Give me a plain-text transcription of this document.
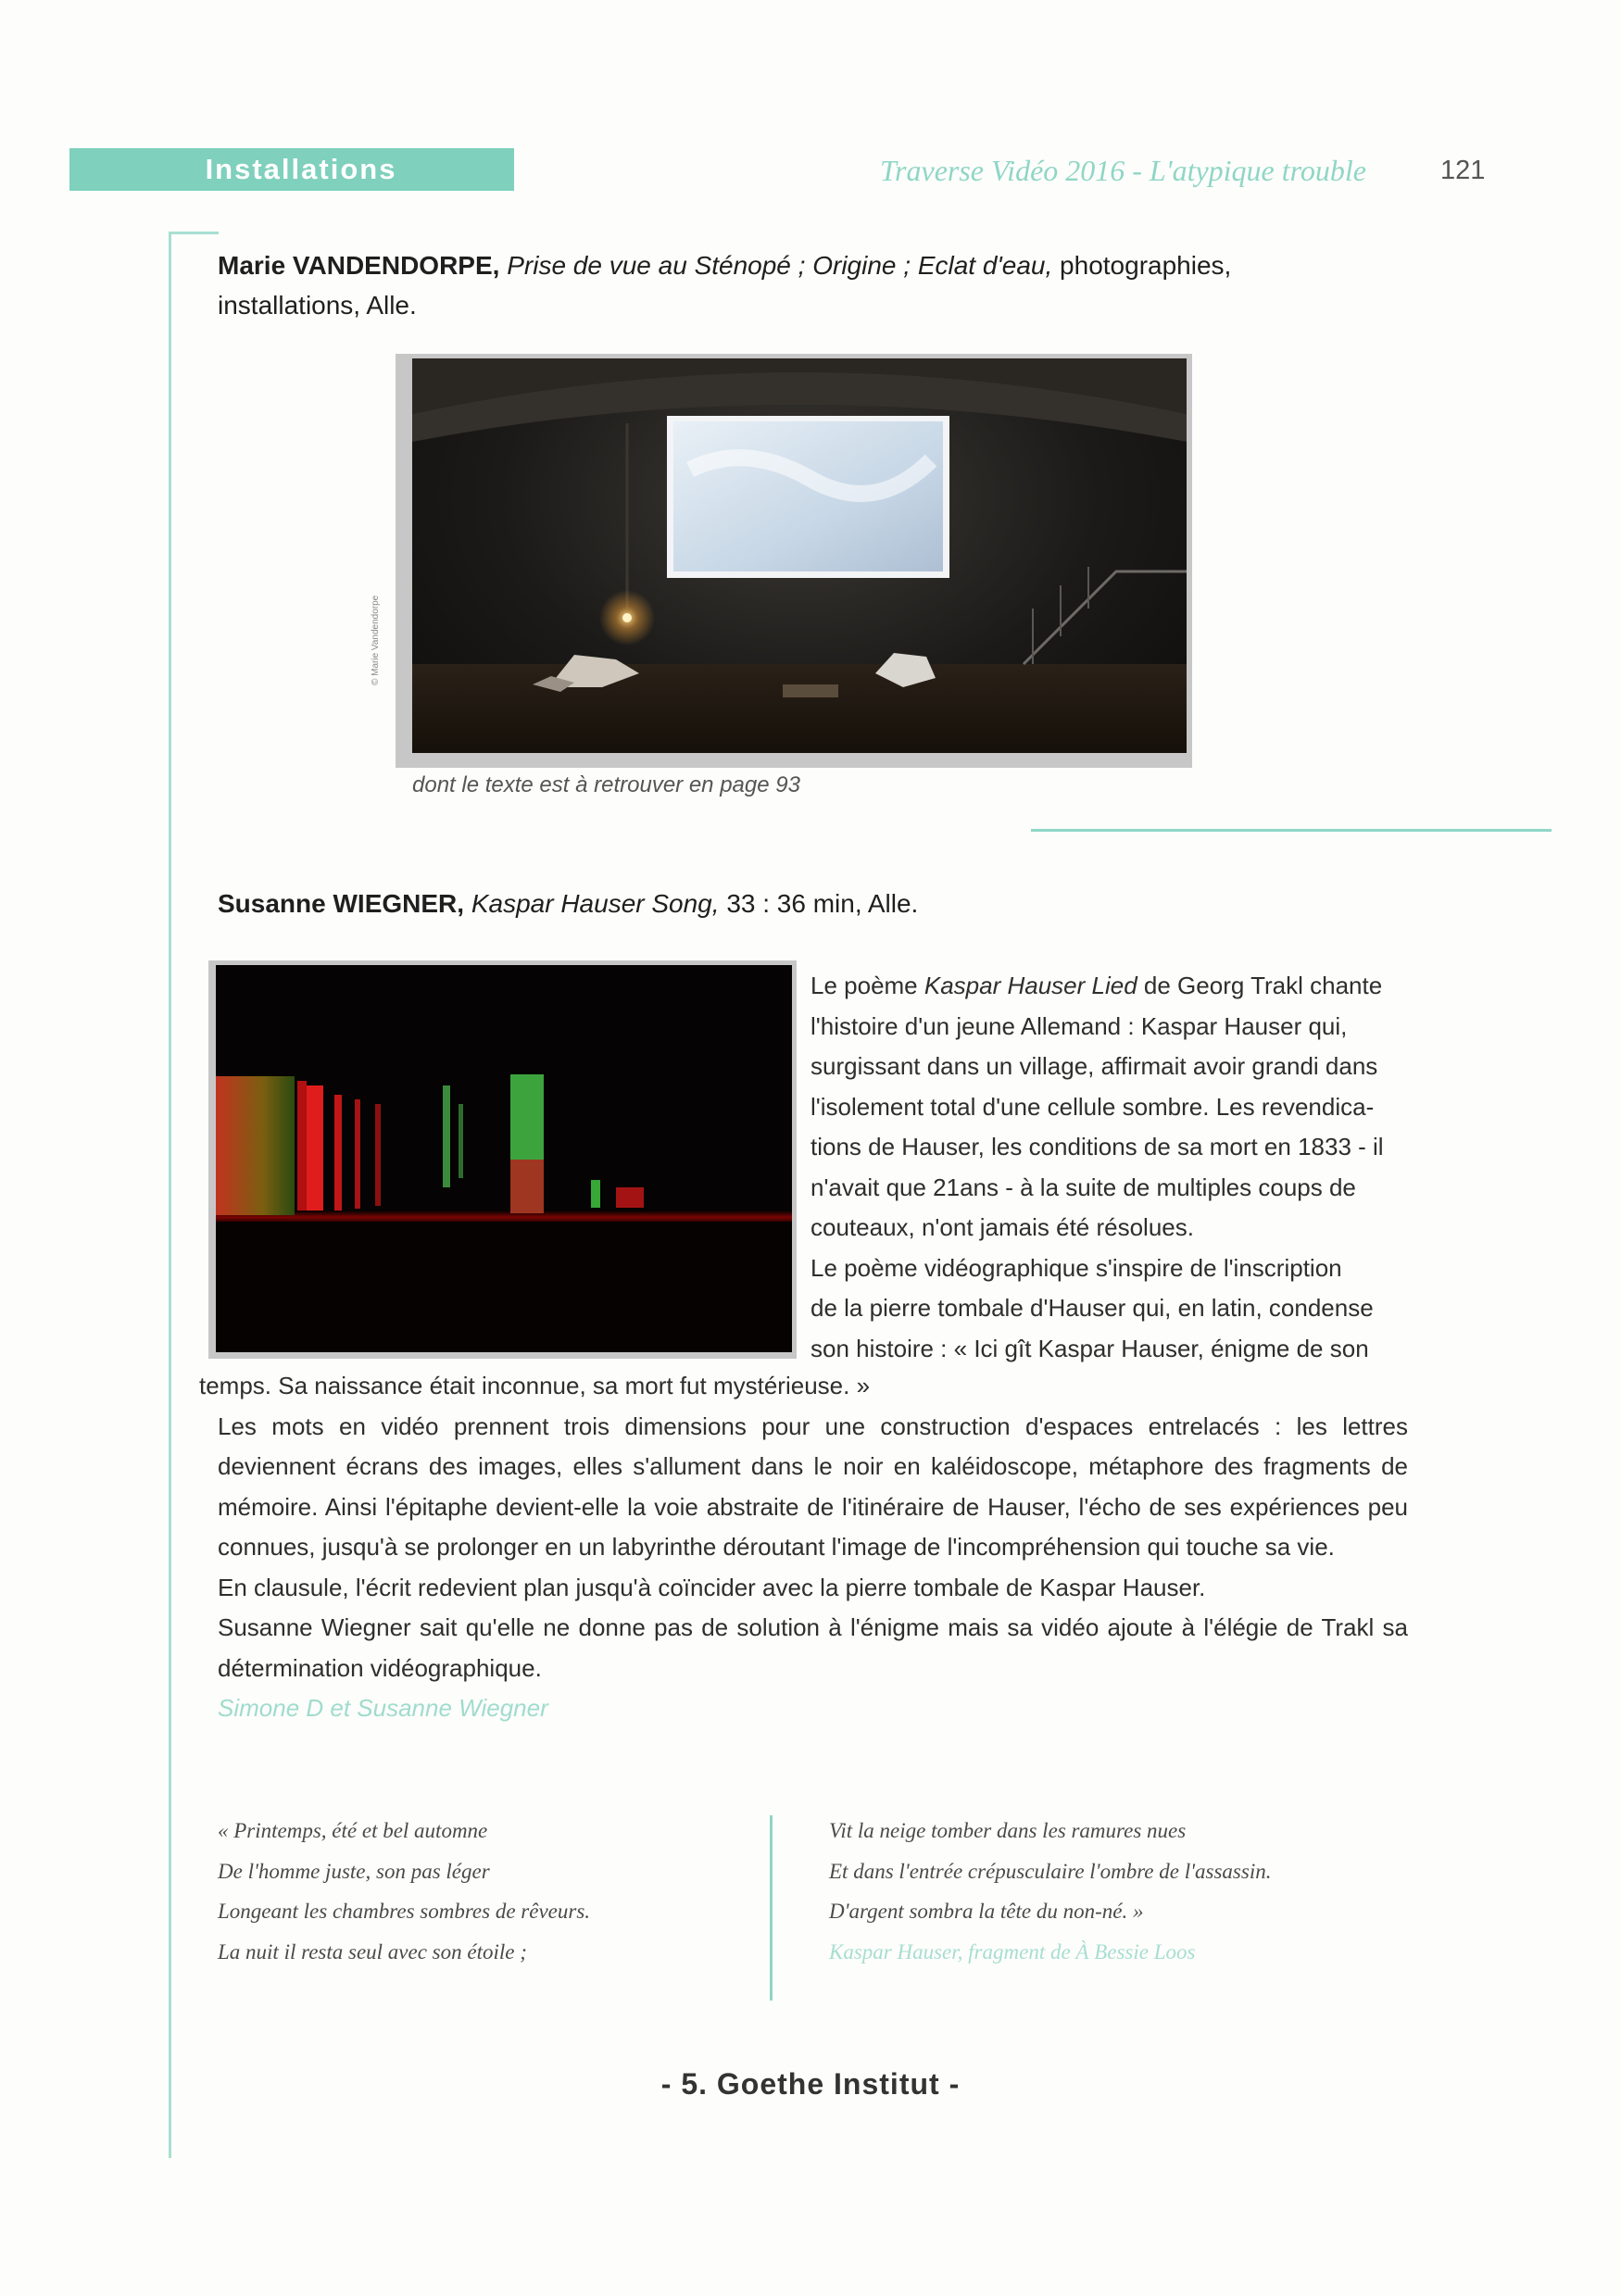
Installations	Traverse Vidéo 2016 - L'atypique trouble	121
Marie VANDENDORPE, Prise de vue au Sténopé ; Origine ; Eclat d'eau, photographies,
installations, Alle.
© Marie Vandendorpe
dont le texte est à retrouver en page 93
Susanne WIEGNER, Kaspar Hauser Song, 33 : 36 min, Alle.
Le poème Kaspar Hauser Lied de Georg Trakl chante
l'histoire d'un jeune Allemand : Kaspar Hauser qui,
surgissant dans un village, affirmait avoir grandi dans
l'isolement total d'une cellule sombre. Les revendica-
tions de Hauser, les conditions de sa mort en 1833 - il
n'avait que 21ans - à la suite de multiples coups de
couteaux, n'ont jamais été résolues.
Le poème vidéographique s'inspire de l'inscription
de la pierre tombale d'Hauser qui, en latin, condense
son histoire : « Ici gît Kaspar Hauser, énigme de son

temps. Sa naissance était inconnue, sa mort fut mystérieuse. »

Les mots en vidéo prennent trois dimensions pour une construction d'espaces entrelacés : les lettres deviennent écrans des images, elles s'allument dans le noir en kaléidoscope, métaphore des fragments de mémoire. Ainsi l'épitaphe devient-elle la voie abstraite de l'itinéraire de Hauser, l'écho de ses expériences peu connues, jusqu'à se prolonger en un labyrinthe déroutant l'image de l'incompréhension qui touche sa vie.

En clausule, l'écrit redevient plan jusqu'à coïncider avec la pierre tombale de Kaspar Hauser.

Susanne Wiegner sait qu'elle ne donne pas de solution à l'énigme mais sa vidéo ajoute à l'élégie de Trakl sa détermination vidéographique.

Simone D et Susanne Wiegner

« Printemps, été et bel automne
De l'homme juste, son pas léger
Longeant les chambres sombres de rêveurs.
La nuit il resta seul avec son étoile ;
Vit la neige tomber dans les ramures nues
Et dans l'entrée crépusculaire l'ombre de l'assassin.
D'argent sombra la tête du non-né. »
Kaspar Hauser, fragment de À Bessie Loos
- 5. Goethe Institut -
